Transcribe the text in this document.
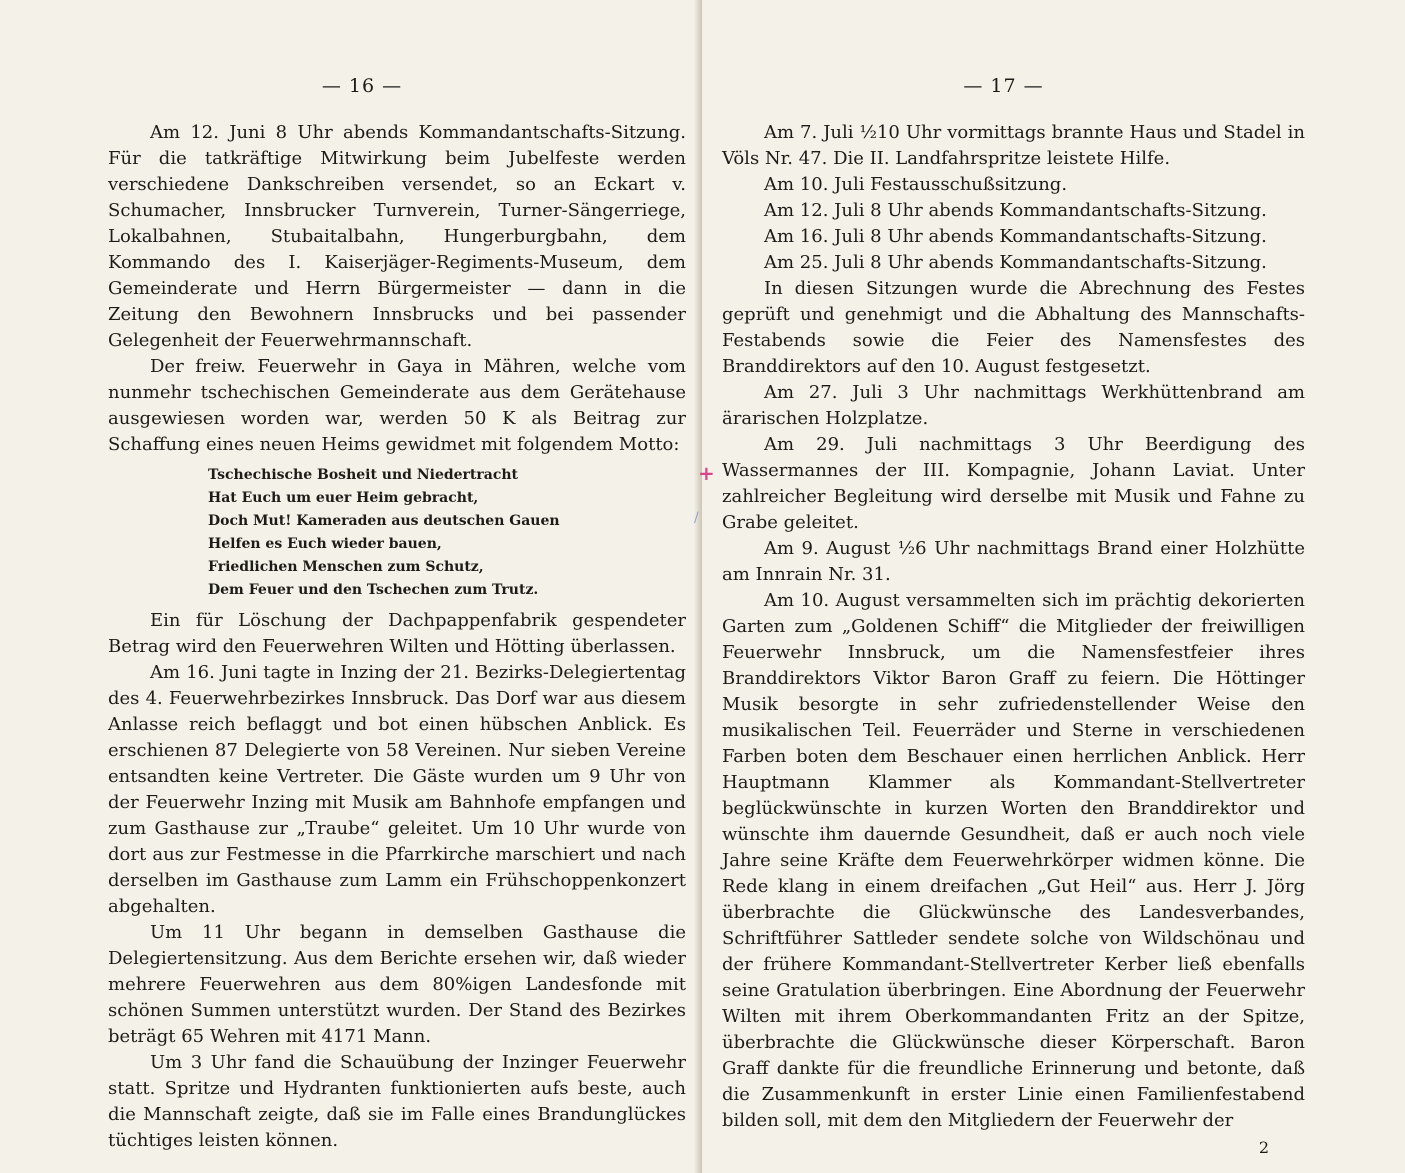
— 16 —

Am 12. Juni 8 Uhr abends Kommandantschafts-Sitzung. Für die tatkräftige Mitwirkung beim Jubelfeste werden verschiedene Dankschreiben versendet, so an Eckart v. Schumacher, Innsbrucker Turnverein, Turner-Sängerriege, Lokalbahnen, Stubaitalbahn, Hungerburgbahn, dem Kommando des I. Kaiserjäger-Regiments-Museum, dem Gemeinderate und Herrn Bürgermeister — dann in die Zeitung den Bewohnern Innsbrucks und bei passender Gelegenheit der Feuerwehrmannschaft.

Der freiw. Feuerwehr in Gaya in Mähren, welche vom nunmehr tschechischen Gemeinderate aus dem Gerätehause ausgewiesen worden war, werden 50 K als Beitrag zur Schaffung eines neuen Heims gewidmet mit folgendem Motto:

Tschechische Bosheit und Niedertracht
Hat Euch um euer Heim gebracht,
Doch Mut! Kameraden aus deutschen Gauen
Helfen es Euch wieder bauen,
Friedlichen Menschen zum Schutz,
Dem Feuer und den Tschechen zum Trutz.

Ein für Löschung der Dachpappenfabrik gespendeter Betrag wird den Feuerwehren Wilten und Hötting überlassen.

Am 16. Juni tagte in Inzing der 21. Bezirks-Delegiertentag des 4. Feuerwehrbezirkes Innsbruck. Das Dorf war aus diesem Anlasse reich beflaggt und bot einen hübschen Anblick. Es erschienen 87 Delegierte von 58 Vereinen. Nur sieben Vereine entsandten keine Vertreter. Die Gäste wurden um 9 Uhr von der Feuerwehr Inzing mit Musik am Bahnhofe empfangen und zum Gasthause zur „Traube“ geleitet. Um 10 Uhr wurde von dort aus zur Festmesse in die Pfarrkirche marschiert und nach derselben im Gasthause zum Lamm ein Frühschoppenkonzert abgehalten.

Um 11 Uhr begann in demselben Gasthause die Delegiertensitzung. Aus dem Berichte ersehen wir, daß wieder mehrere Feuerwehren aus dem 80%igen Landesfonde mit schönen Summen unterstützt wurden. Der Stand des Bezirkes beträgt 65 Wehren mit 4171 Mann.

Um 3 Uhr fand die Schauübung der Inzinger Feuerwehr statt. Spritze und Hydranten funktionierten aufs beste, auch die Mannschaft zeigte, daß sie im Falle eines Brandunglückes tüchtiges leisten können.

— 17 —

Am 7. Juli ½10 Uhr vormittags brannte Haus und Stadel in Völs Nr. 47. Die II. Landfahrspritze leistete Hilfe.

Am 10. Juli Festausschußsitzung.

Am 12. Juli 8 Uhr abends Kommandantschafts-Sitzung.

Am 16. Juli 8 Uhr abends Kommandantschafts-Sitzung.

Am 25. Juli 8 Uhr abends Kommandantschafts-Sitzung.

In diesen Sitzungen wurde die Abrechnung des Festes geprüft und genehmigt und die Abhaltung des Mannschafts-Festabends sowie die Feier des Namensfestes des Branddirektors auf den 10. August festgesetzt.

Am 27. Juli 3 Uhr nachmittags Werkhüttenbrand am ärarischen Holzplatze.

Am 29. Juli nachmittags 3 Uhr Beerdigung des Wassermannes der III. Kompagnie, Johann Laviat. Unter zahlreicher Begleitung wird derselbe mit Musik und Fahne zu Grabe geleitet.

Am 9. August ½6 Uhr nachmittags Brand einer Holzhütte am Innrain Nr. 31.

Am 10. August versammelten sich im prächtig dekorierten Garten zum „Goldenen Schiff“ die Mitglieder der freiwilligen Feuerwehr Innsbruck, um die Namensfestfeier ihres Branddirektors Viktor Baron Graff zu feiern. Die Höttinger Musik besorgte in sehr zufriedenstellender Weise den musikalischen Teil. Feuerräder und Sterne in verschiedenen Farben boten dem Beschauer einen herrlichen Anblick. Herr Hauptmann Klammer als Kommandant-Stellvertreter beglückwünschte in kurzen Worten den Branddirektor und wünschte ihm dauernde Gesundheit, daß er auch noch viele Jahre seine Kräfte dem Feuerwehrkörper widmen könne. Die Rede klang in einem dreifachen „Gut Heil“ aus. Herr J. Jörg überbrachte die Glückwünsche des Landesverbandes, Schriftführer Sattleder sendete solche von Wildschönau und der frühere Kommandant-Stellvertreter Kerber ließ ebenfalls seine Gratulation überbringen. Eine Abordnung der Feuerwehr Wilten mit ihrem Oberkommandanten Fritz an der Spitze, überbrachte die Glückwünsche dieser Körperschaft. Baron Graff dankte für die freundliche Erinnerung und betonte, daß die Zusammenkunft in erster Linie einen Familienfestabend bilden soll, mit dem den Mitgliedern der Feuerwehr der

2
+
/
